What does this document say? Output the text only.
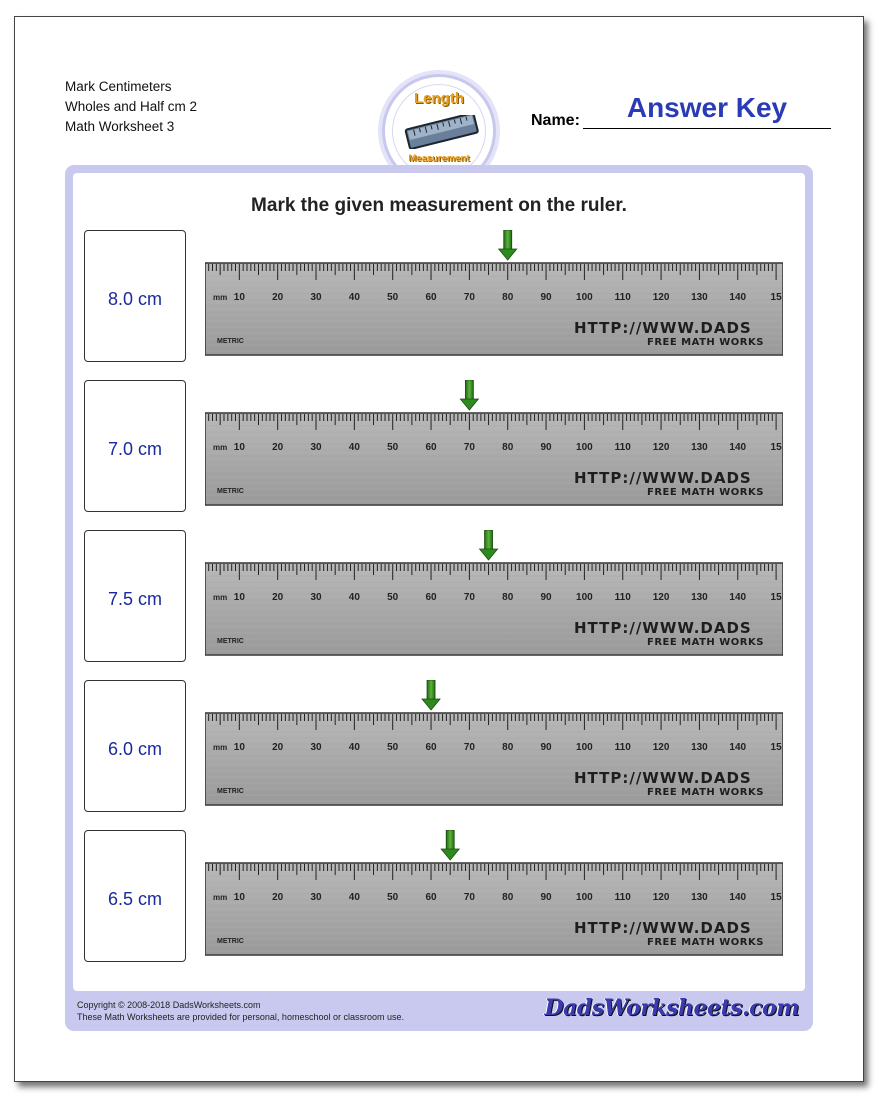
Mark Centimeters
Wholes and Half cm 2
Math Worksheet 3
Length
Measurement
Name:	Answer Key
Mark the given measurement on the ruler.
Copyright © 2008-2018 DadsWorksheets.com
These Math Worksheets are provided for personal, homeschool or classroom use.	DadsWorksheets.com
8.0 cm	mm 10	20	30	40	50	60	70	80	90 100 110 120 130 140 15
HTTP://WWW.DADS
FREE MATH WORKS
METRIC
7.0 cm	mm 10	20	30	40	50	60	70	80	90 100 110 120 130 140 15
HTTP://WWW.DADS
FREE MATH WORKS
METRIC
7.5 cm	mm 10	20	30	40	50	60	70	80	90 100 110 120 130 140 15
HTTP://WWW.DADS
FREE MATH WORKS
METRIC
6.0 cm	mm 10	20	30	40	50	60	70	80	90 100 110 120 130 140 15
HTTP://WWW.DADS
FREE MATH WORKS
METRIC
6.5 cm	mm 10	20	30	40	50	60	70	80	90 100 110 120 130 140 15
HTTP://WWW.DADS
FREE MATH WORKS
METRIC
